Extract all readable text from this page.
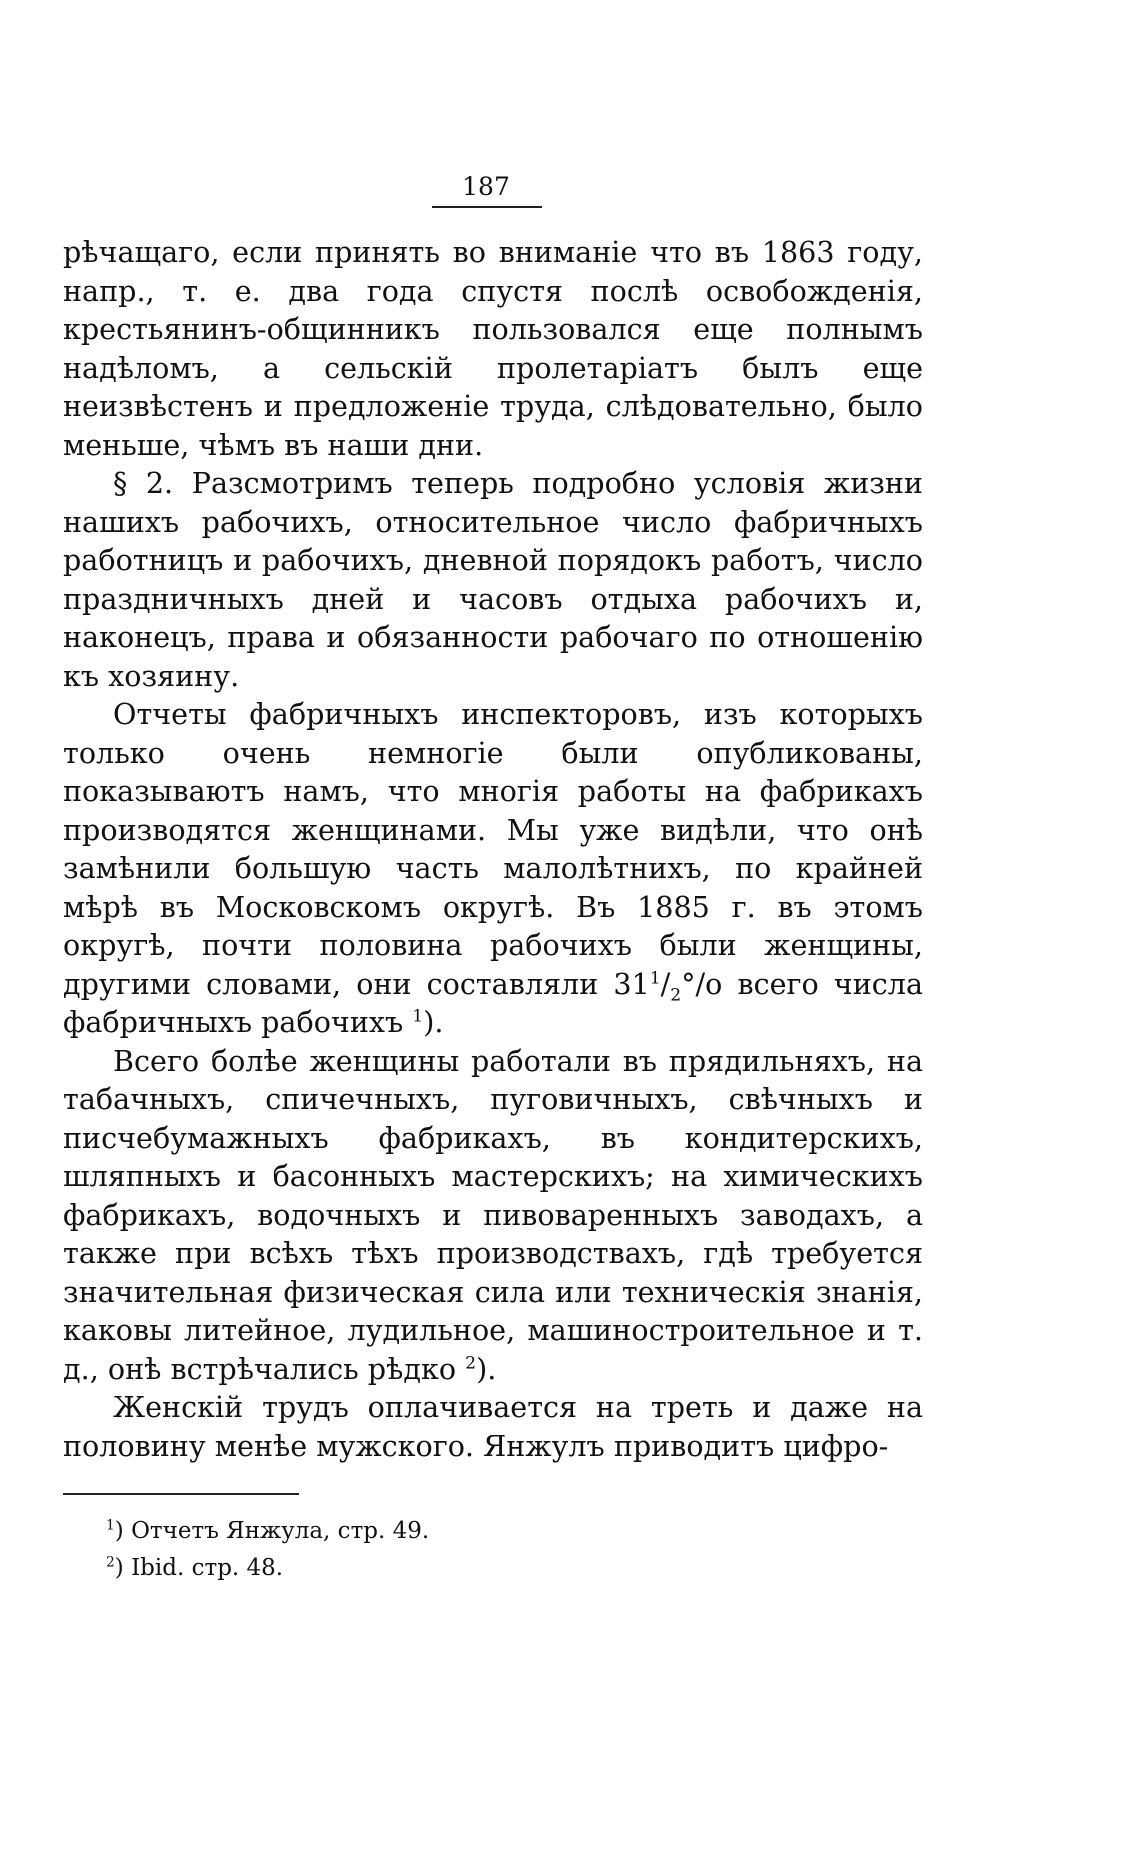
187

рѣчащаго, если принять во вниманіе что въ 1863 году, напр., т. е. два года спустя послѣ освобожденія, крестьянинъ-общинникъ пользовался еще полнымъ надѣломъ, а сельскій пролетаріатъ былъ еще неизвѣстенъ и предложеніе труда, слѣдовательно, было меньше, чѣмъ въ наши дни.

§ 2. Разсмотримъ теперь подробно условія жизни нашихъ рабочихъ, относительное число фабричныхъ работницъ и рабочихъ, дневной порядокъ работъ, число праздничныхъ дней и часовъ отдыха рабочихъ и, наконецъ, права и обязанности рабочаго по отношенію къ хозяину.

Отчеты фабричныхъ инспекторовъ, изъ которыхъ только очень немногіе были опубликованы, показываютъ намъ, что многія работы на фабрикахъ производятся женщинами. Мы уже видѣли, что онѣ замѣнили большую часть малолѣтнихъ, по крайней мѣрѣ въ Московскомъ округѣ. Въ 1885 г. въ этомъ округѣ, почти половина рабочихъ были женщины, другими словами, они составляли $31^1/_2^\circ/о$ всего числа фабричныхъ рабочихъ $^1$).

Всего болѣе женщины работали въ прядильняхъ, на табачныхъ, спичечныхъ, пуговичныхъ, свѣчныхъ и писчебумажныхъ фабрикахъ, въ кондитерскихъ, шляпныхъ и басонныхъ мастерскихъ; на химическихъ фабрикахъ, водочныхъ и пивоваренныхъ заводахъ, а также при всѣхъ тѣхъ производствахъ, гдѣ требуется значительная физическая сила или техническія знанія, каковы литейное, лудильное, машиностроительное и т. д., онѣ встрѣчались рѣдко $^2$).

Женскій трудъ оплачивается на треть и даже на половину менѣе мужского. Янжулъ приводитъ цифро-

$^1$) Отчетъ Янжула, стр. 49.

$^2$) Ibid. стр. 48.
